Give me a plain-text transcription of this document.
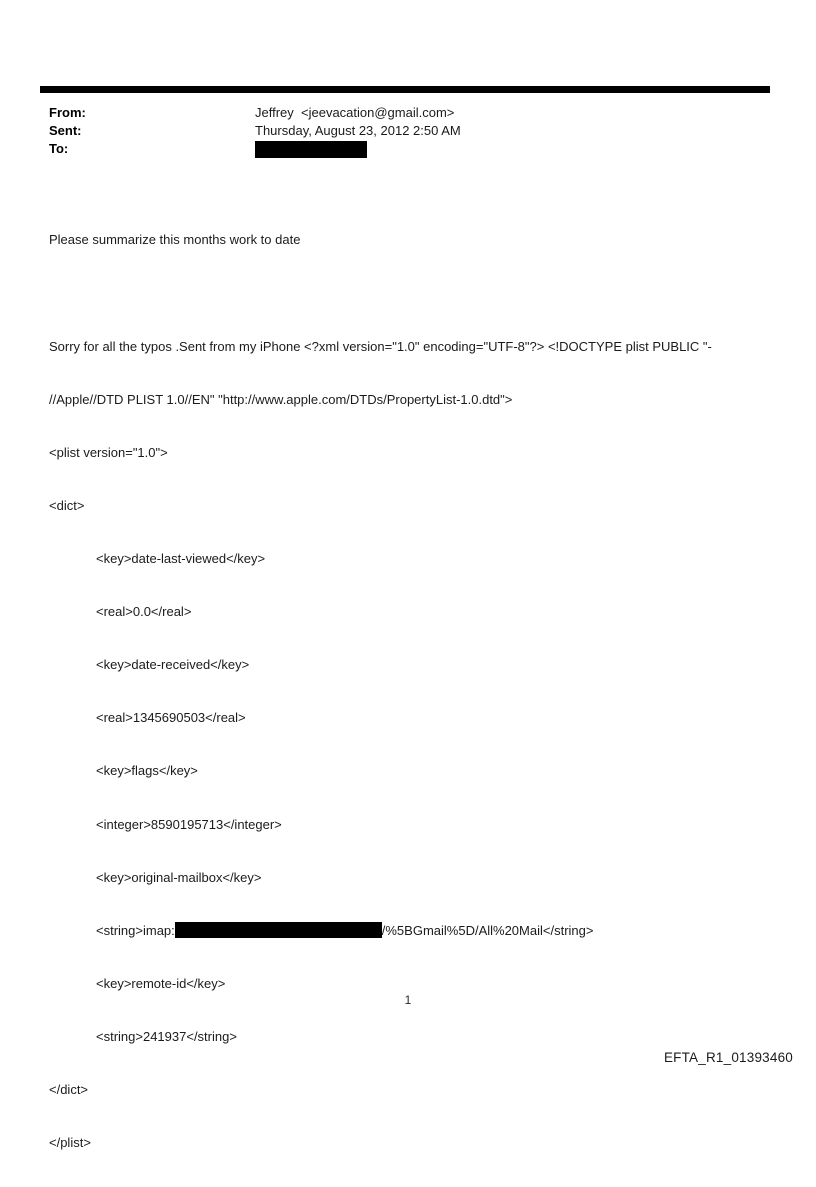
From:	Jeffrey  <jeevacation@gmail.com>
Sent:	Thursday, August 23, 2012 2:50 AM
To:

Please summarize this months work to date

Sorry for all the typos .Sent from my iPhone <?xml version="1.0" encoding="UTF-8"?> <!DOCTYPE plist PUBLIC "-

//Apple//DTD PLIST 1.0//EN" "http://www.apple.com/DTDs/PropertyList-1.0.dtd">

<plist version="1.0">

<dict>

<key>date-last-viewed</key>

<real>0.0</real>

<key>date-received</key>

<real>1345690503</real>

<key>flags</key>

<integer>8590195713</integer>

<key>original-mailbox</key>

<string>imap:	/%5BGmail%5D/All%20Mail</string>

<key>remote-id</key>

<string>241937</string>

</dict>

</plist>

1
EFTA_R1_01393460
